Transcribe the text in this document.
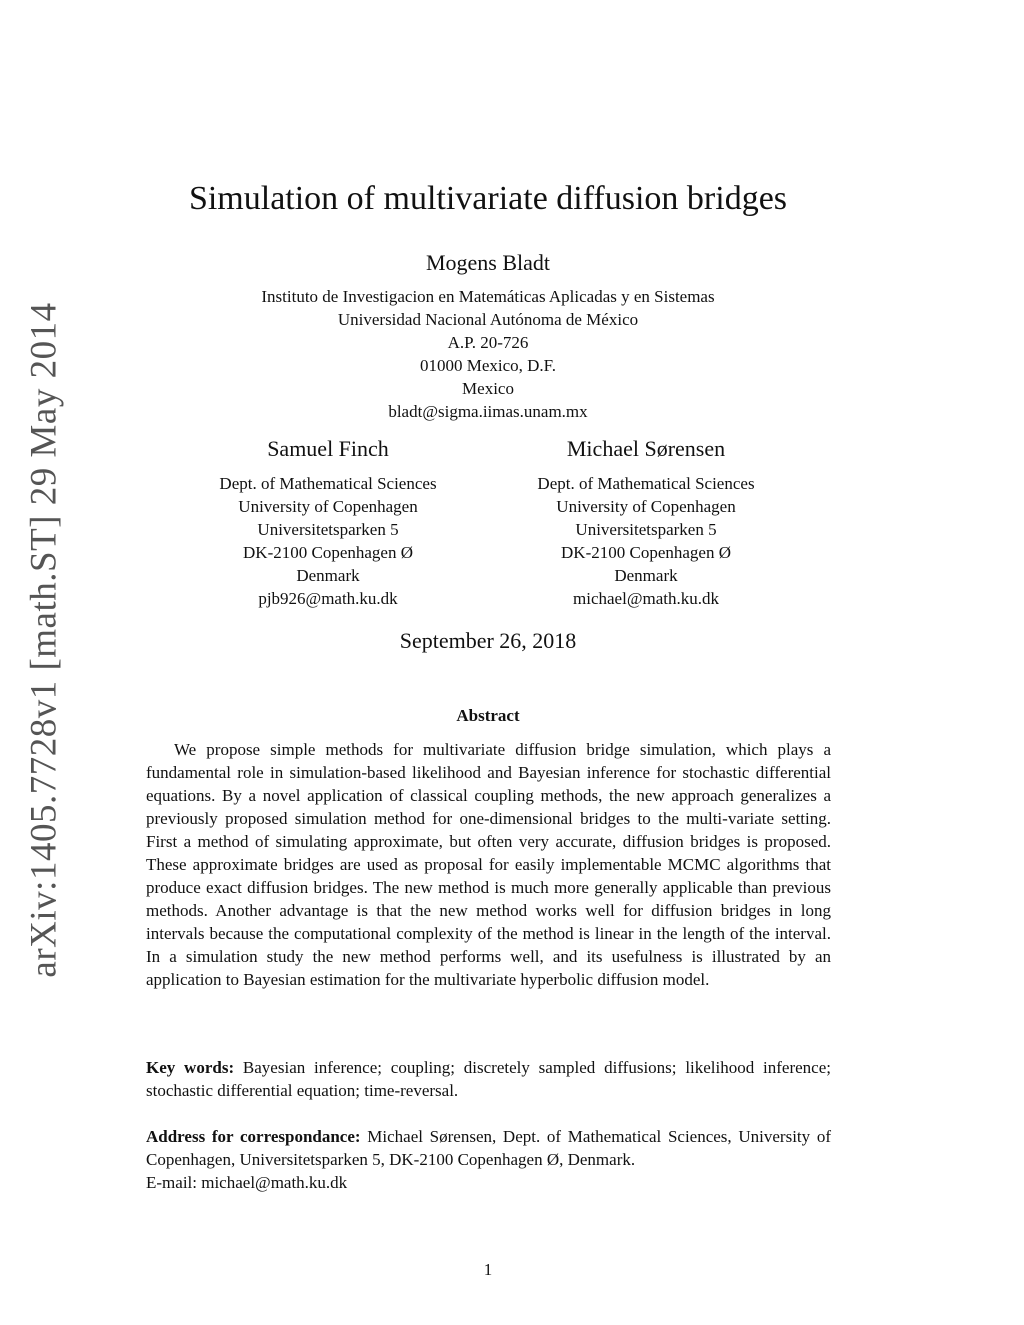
arXiv:1405.7728v1 [math.ST] 29 May 2014
Simulation of multivariate diffusion bridges
Mogens Bladt
Instituto de Investigacion en Matemáticas Aplicadas y en Sistemas
Universidad Nacional Autónoma de México
A.P. 20-726
01000 Mexico, D.F.
Mexico
bladt@sigma.iimas.unam.mx
Samuel Finch
Dept. of Mathematical Sciences
University of Copenhagen
Universitetsparken 5
DK-2100 Copenhagen Ø
Denmark
pjb926@math.ku.dk
Michael Sørensen
Dept. of Mathematical Sciences
University of Copenhagen
Universitetsparken 5
DK-2100 Copenhagen Ø
Denmark
michael@math.ku.dk
September 26, 2018
Abstract

We propose simple methods for multivariate diffusion bridge simulation, which plays a fundamental role in simulation-based likelihood and Bayesian inference for stochastic differential equations. By a novel application of classical coupling methods, the new approach generalizes a previously proposed simulation method for one-dimensional bridges to the multi-variate setting. First a method of simulating approximate, but often very accurate, diffusion bridges is proposed. These approximate bridges are used as proposal for easily implementable MCMC algorithms that produce exact diffusion bridges. The new method is much more generally applicable than previous methods. Another advantage is that the new method works well for diffusion bridges in long intervals because the computational complexity of the method is linear in the length of the interval. In a simulation study the new method performs well, and its usefulness is illustrated by an application to Bayesian estimation for the multivariate hyperbolic diffusion model.

Key words: Bayesian inference; coupling; discretely sampled diffusions; likelihood inference; stochastic differential equation; time-reversal.

Address for correspondance: Michael Sørensen, Dept. of Mathematical Sciences, University of Copenhagen, Universitetsparken 5, DK-2100 Copenhagen Ø, Denmark.
E-mail: michael@math.ku.dk

1
